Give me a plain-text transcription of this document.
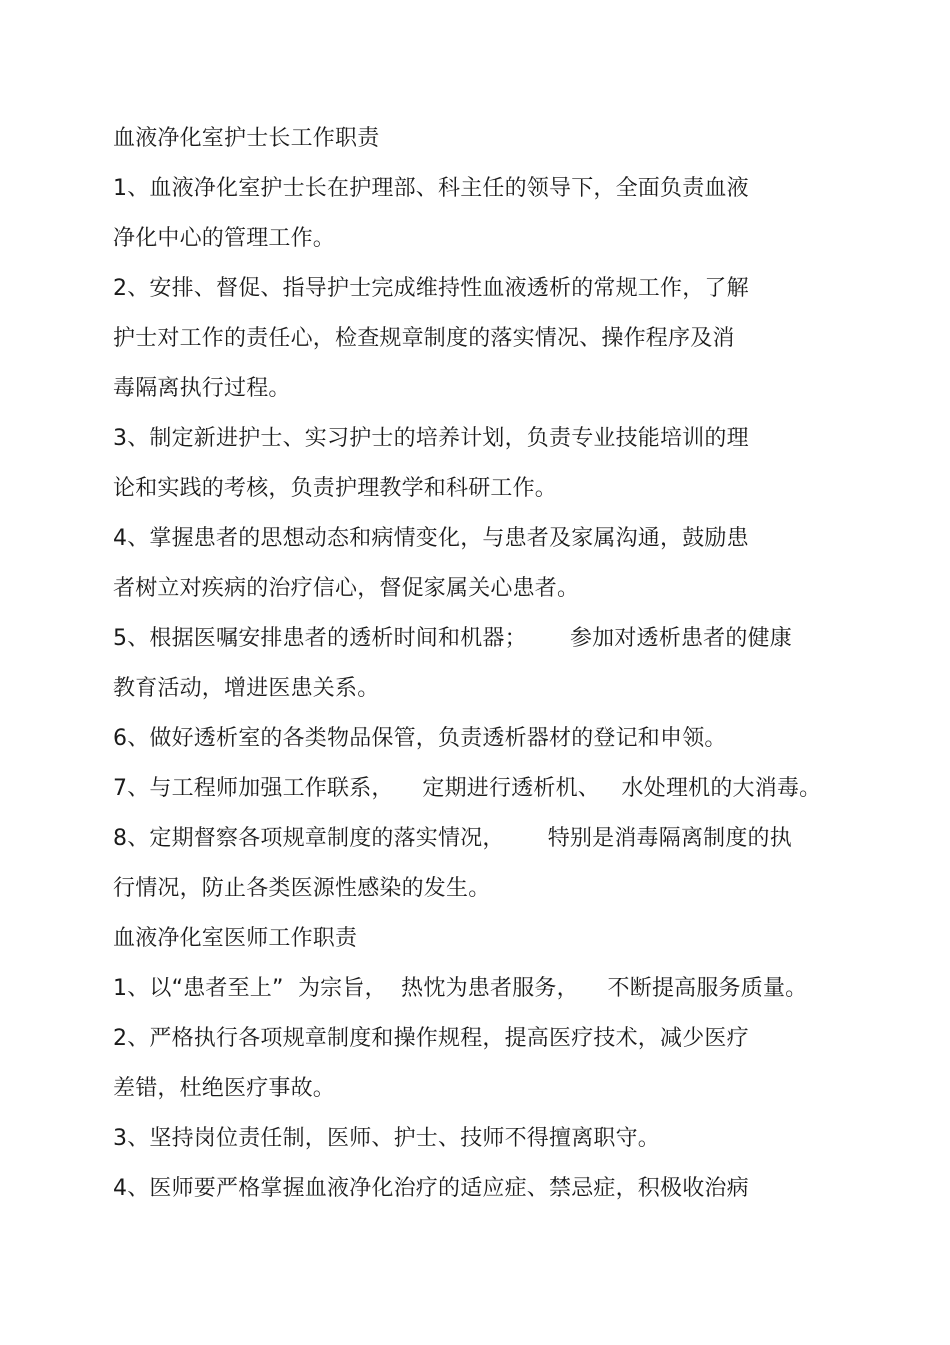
血液净化室护士长工作职责
1、血液净化室护士长在护理部、科主任的领导下，全面负责血液
净化中心的管理工作。
2、安排、督促、指导护士完成维持性血液透析的常规工作，了解
护士对工作的责任心，检查规章制度的落实情况、操作程序及消
毒隔离执行过程。
3、制定新进护士、实习护士的培养计划，负责专业技能培训的理
论和实践的考核，负责护理教学和科研工作。
4、掌握患者的思想动态和病情变化，与患者及家属沟通，鼓励患
者树立对疾病的治疗信心，督促家属关心患者。
5、根据医嘱安排患者的透析时间和机器；      参加对透析患者的健康
教育活动，增进医患关系。
6、做好透析室的各类物品保管，负责透析器材的登记和申领。
7、与工程师加强工作联系，    定期进行透析机、   水处理机的大消毒。
8、定期督察各项规章制度的落实情况，      特别是消毒隔离制度的执
行情况，防止各类医源性感染的发生。
血液净化室医师工作职责
1、以“患者至上”  为宗旨，  热忱为患者服务，    不断提高服务质量。
2、严格执行各项规章制度和操作规程，提高医疗技术，减少医疗
差错，杜绝医疗事故。
3、坚持岗位责任制，医师、护士、技师不得擅离职守。
4、医师要严格掌握血液净化治疗的适应症、禁忌症，积极收治病
